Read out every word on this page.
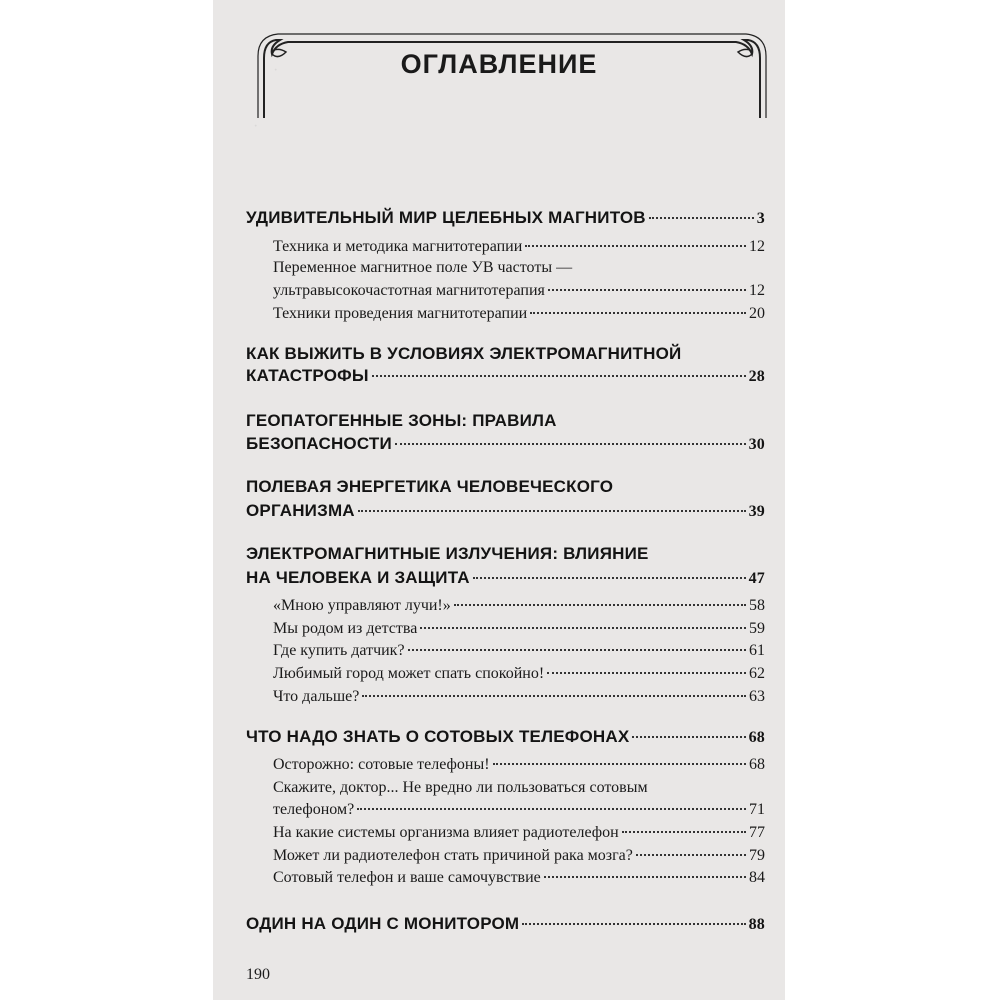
·
·
ОГЛАВЛЕНИЕ
УДИВИТЕЛЬНЫЙ МИР ЦЕЛЕБНЫХ МАГНИТОВ	3
Техника и методика магнитотерапии	12
Переменное магнитное поле УВ частоты —
ультравысокочастотная магнитотерапия	12
Техники проведения магнитотерапии	20
КАК ВЫЖИТЬ В УСЛОВИЯХ ЭЛЕКТРОМАГНИТНОЙ
КАТАСТРОФЫ	28
ГЕОПАТОГЕННЫЕ ЗОНЫ: ПРАВИЛА
БЕЗОПАСНОСТИ	30
ПОЛЕВАЯ ЭНЕРГЕТИКА ЧЕЛОВЕЧЕСКОГО
ОРГАНИЗМА	39
ЭЛЕКТРОМАГНИТНЫЕ ИЗЛУЧЕНИЯ: ВЛИЯНИЕ
НА ЧЕЛОВЕКА И ЗАЩИТА	47
«Мною управляют лучи!»	58
Мы родом из детства	59
Где купить датчик?	61
Любимый город может спать спокойно!	62
Что дальше?	63
ЧТО НАДО ЗНАТЬ О СОТОВЫХ ТЕЛЕФОНАХ	68
Осторожно: сотовые телефоны!	68
Скажите, доктор... Не вредно ли пользоваться сотовым
телефоном?	71
На какие системы организма влияет радиотелефон	77
Может ли радиотелефон стать причиной рака мозга?	79
Сотовый телефон и ваше самочувствие	84
ОДИН НА ОДИН С МОНИТОРОМ	88
190
